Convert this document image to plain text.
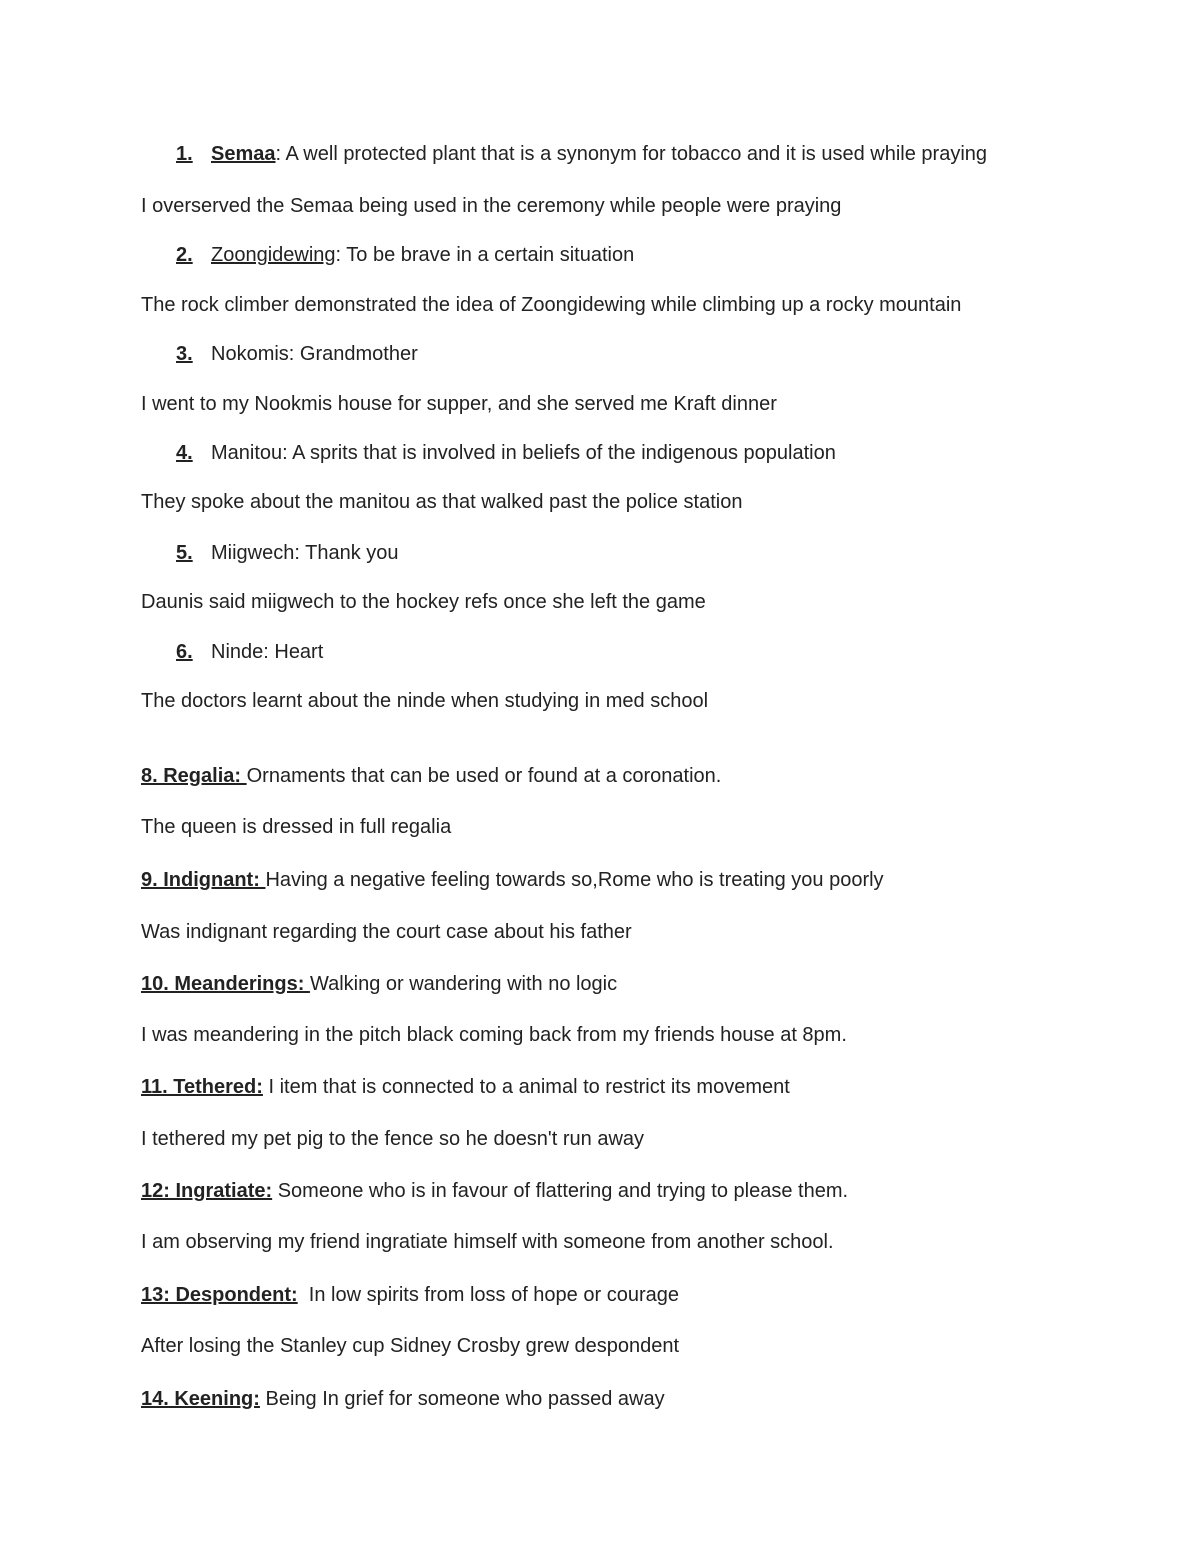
1. Semaa: A well protected plant that is a synonym for tobacco and it is used while praying
I overserved the Semaa being used in the ceremony while people were praying
2. Zoongidewing: To be brave in a certain situation
The rock climber demonstrated the idea of Zoongidewing while climbing up a rocky mountain
3. Nokomis: Grandmother
I went to my Nookmis house for supper, and she served me Kraft dinner
4. Manitou: A sprits that is involved in beliefs of the indigenous population
They spoke about the manitou as that walked past the police station
5. Miigwech: Thank you
Daunis said miigwech to the hockey refs once she left the game
6. Ninde: Heart
The doctors learnt about the ninde when studying in med school
8. Regalia: Ornaments that can be used or found at a coronation.
The queen is dressed in full regalia
9. Indignant: Having a negative feeling towards so,Rome who is treating you poorly
Was indignant regarding the court case about his father
10. Meanderings: Walking or wandering with no logic
I was meandering in the pitch black coming back from my friends house at 8pm.
11. Tethered: I item that is connected to a animal to restrict its movement
I tethered my pet pig to the fence so he doesn't run away
12: Ingratiate: Someone who is in favour of flattering and trying to please them.
I am observing my friend ingratiate himself with someone from another school.
13: Despondent:  In low spirits from loss of hope or courage
After losing the Stanley cup Sidney Crosby grew despondent
14. Keening: Being In grief for someone who passed away
